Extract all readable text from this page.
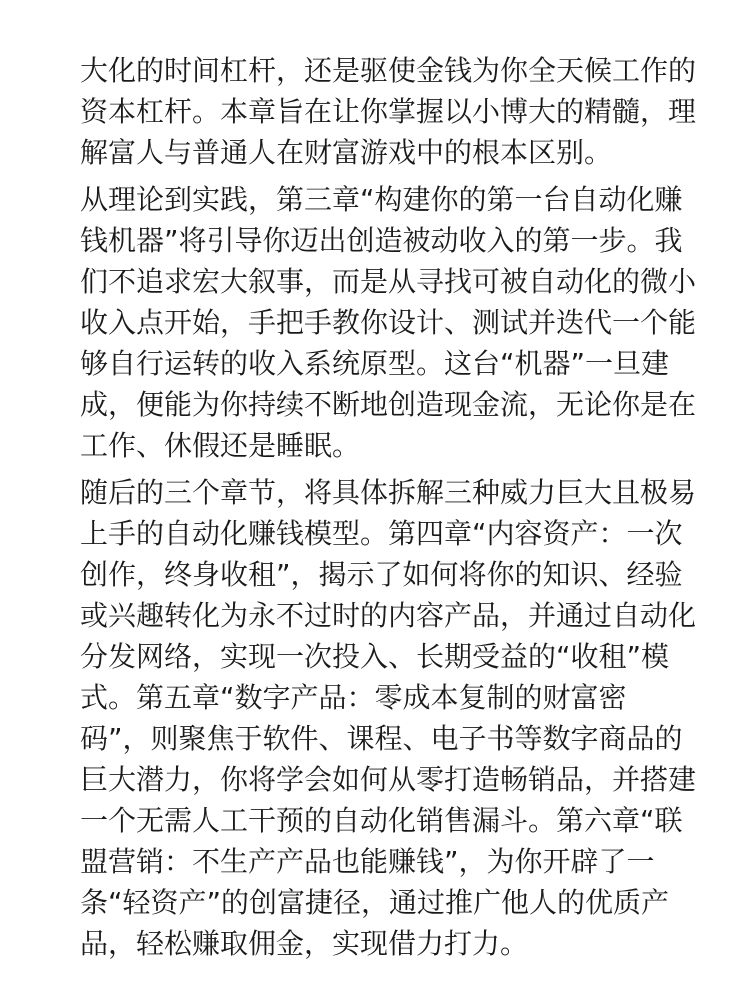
大化的时间杠杆，还是驱使金钱为你全天候工作的
资本杠杆。本章旨在让你掌握以小博大的精髓，理
解富人与普通人在财富游戏中的根本区别。

从理论到实践，第三章“构建你的第一台自动化赚
钱机器”将引导你迈出创造被动收入的第一步。我
们不追求宏大叙事，而是从寻找可被自动化的微小
收入点开始，手把手教你设计、测试并迭代一个能
够自行运转的收入系统原型。这台“机器”一旦建
成，便能为你持续不断地创造现金流，无论你是在
工作、休假还是睡眠。

随后的三个章节，将具体拆解三种威力巨大且极易
上手的自动化赚钱模型。第四章“内容资产：一次
创作，终身收租”，揭示了如何将你的知识、经验
或兴趣转化为永不过时的内容产品，并通过自动化
分发网络，实现一次投入、长期受益的“收租”模
式。第五章“数字产品：零成本复制的财富密
码”，则聚焦于软件、课程、电子书等数字商品的
巨大潜力，你将学会如何从零打造畅销品，并搭建
一个无需人工干预的自动化销售漏斗。第六章“联
盟营销：不生产产品也能赚钱”，为你开辟了一
条“轻资产”的创富捷径，通过推广他人的优质产
品，轻松赚取佣金，实现借力打力。
